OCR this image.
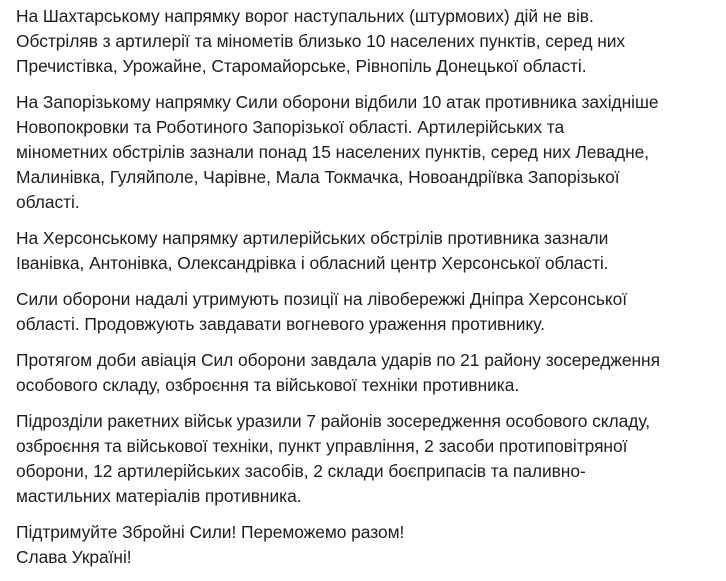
На Шахтарському напрямку ворог наступальних (штурмових) дій не вів.
Обстріляв з артилерії та мінометів близько 10 населених пунктів, серед них
Пречистівка, Урожайне, Старомайорське, Рівнопіль Донецької області.

На Запорізькому напрямку Сили оборони відбили 10 атак противника західніше
Новопокровки та Роботиного Запорізької області. Артилерійських та
мінометних обстрілів зазнали понад 15 населених пунктів, серед них Левадне,
Малинівка, Гуляйполе, Чарівне, Мала Токмачка, Новоандріївка Запорізької
області.

На Херсонському напрямку артилерійських обстрілів противника зазнали
Іванівка, Антонівка, Олександрівка і обласний центр Херсонської області.

Сили оборони надалі утримують позиції на лівобережжі Дніпра Херсонської
області. Продовжують завдавати вогневого ураження противнику.

Протягом доби авіація Сил оборони завдала ударів по 21 району зосередження
особового складу, озброєння та військової техніки противника.

Підрозділи ракетних військ уразили 7 районів зосередження особового складу,
озброєння та військової техніки, пункт управління, 2 засоби протиповітряної
оборони, 12 артилерійських засобів, 2 склади боєприпасів та паливно-
мастильних матеріалів противника.

Підтримуйте Збройні Сили! Переможемо разом!
Слава Україні!
